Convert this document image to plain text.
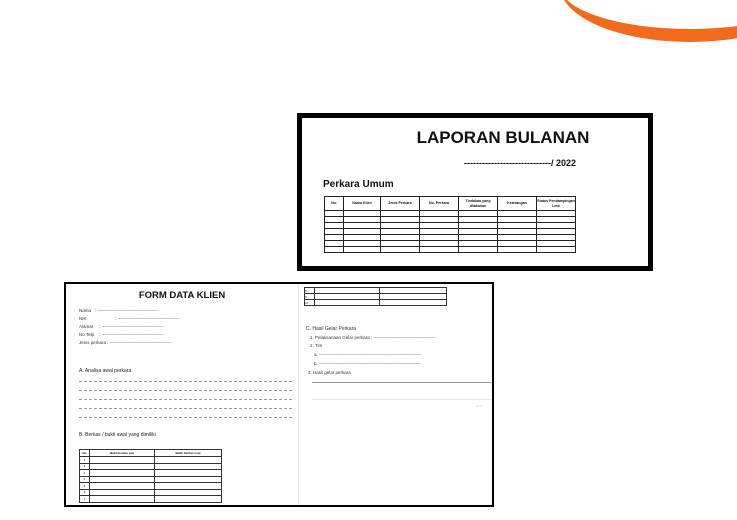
LAPORAN BULANAN
-----------------------------/ 2022
Perkara Umum
No.	Nama Klien	Jenis Perkara	No. Perkara	Tindakan yang dilakukan	Keterangan	Status Pendampingan Lmo

FORM DATA KLIEN
Nama : -----------------------------------------
NIK	: -----------------------------------------
Alamat : -----------------------------------------
No Telp : -----------------------------------------
Jenis perkara: -----------------------------------------
A. Analisa awal perkara
B. Berkas / bukti awal yang dimiliki
No	Bukti berkas asli	Bukti berkas copi
1		
2		
3		
4		
5		
6		
7		
8		
9		
10		
C. Hasil Gelar Perkara
1. Pelaksanaan Gelar perkara : -----------------------------------------
2. Tim
a. --------------------------------------------------------------------
b. --------------------------------------------------------------------
3. Hasil gelar perkara
1 / 2
